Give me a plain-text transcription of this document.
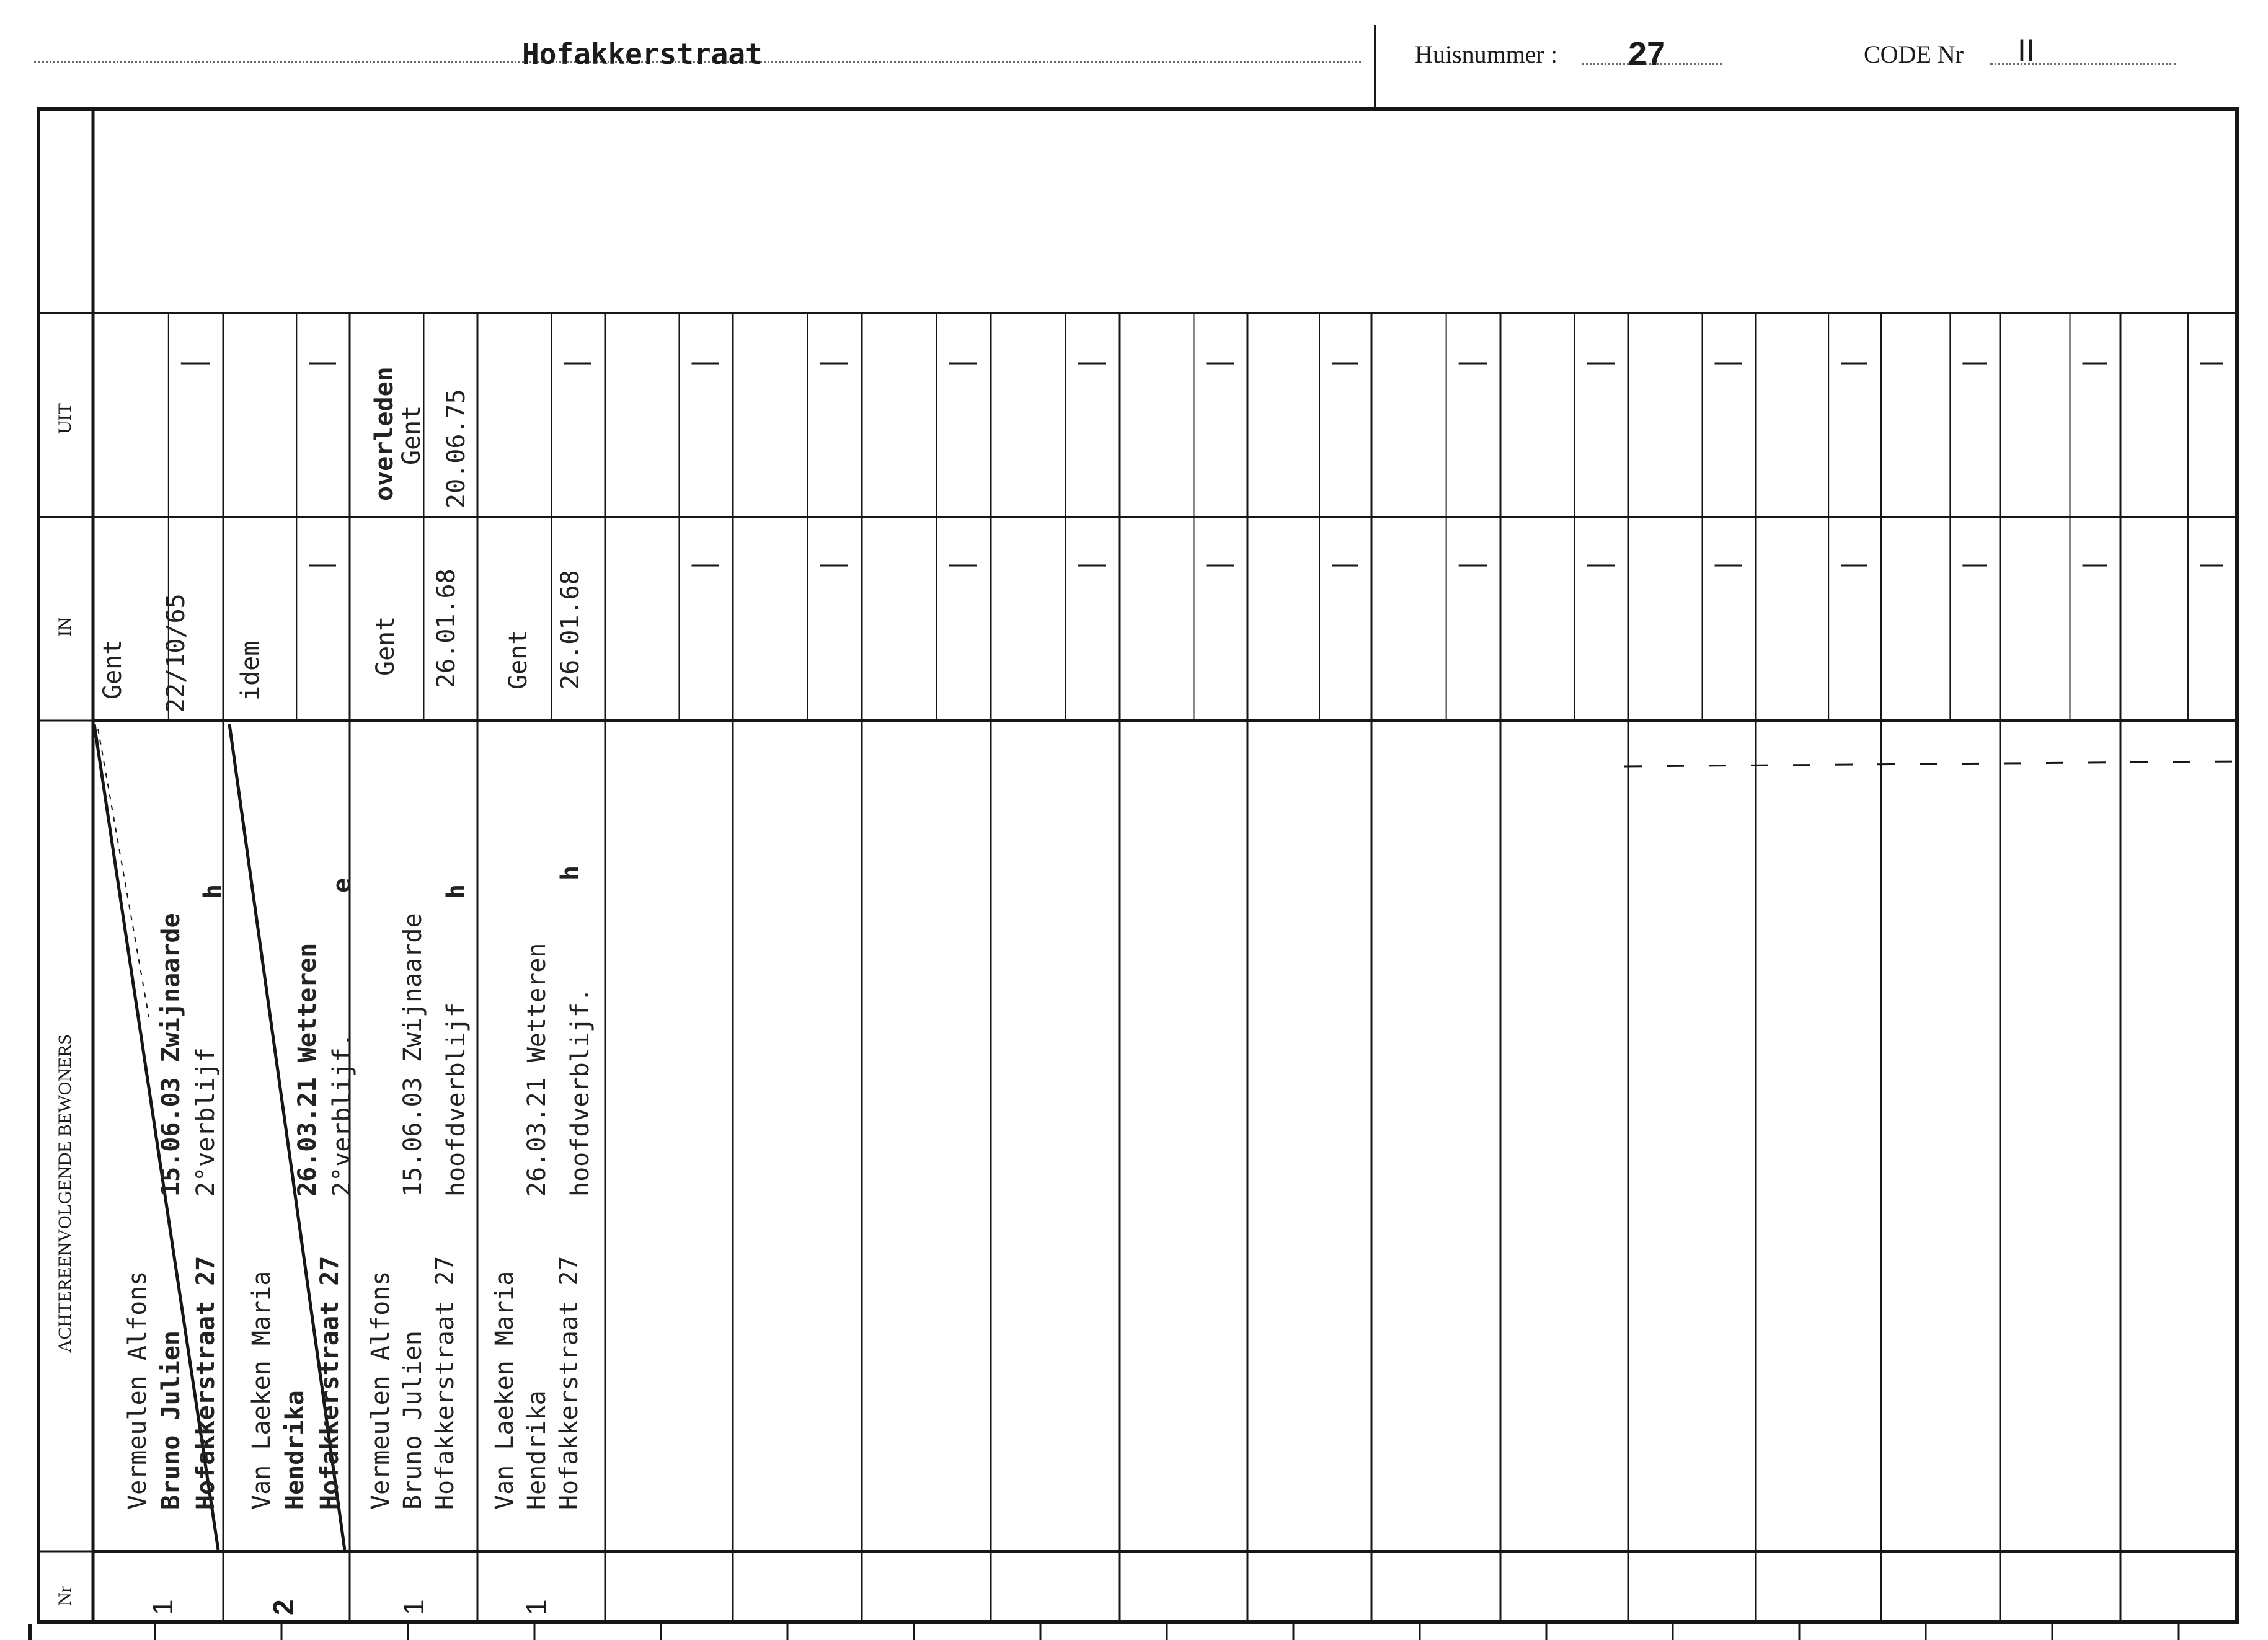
Hofakkerstraat	Huisnummer : 27	CODE Nr II
UIT
IN
ACHTEREENVOLGENDE BEWONERS
Nr
Vermeulen Alfons Bruno Julien Hofakkerstraat 27
15.06.03 Zwijnaarde 2°verblijf
h
1
Gent 22/10/65
Van Laeken Maria Hendrika Hofakkerstraat 27
26.03.21 Wetteren 2°verblijf.
e
2
idem
Vermeulen Alfons Bruno Julien Hofakkerstraat 27
15.06.03 Zwijnaarde hoofdverblijf
h
1
Gent 26.01.68
overleden
Gent 20.06.75
Van Laeken Maria Hendrika Hofakkerstraat 27
26.03.21 Wetteren hoofdverblijf.
h
1
Gent 26.01.68
